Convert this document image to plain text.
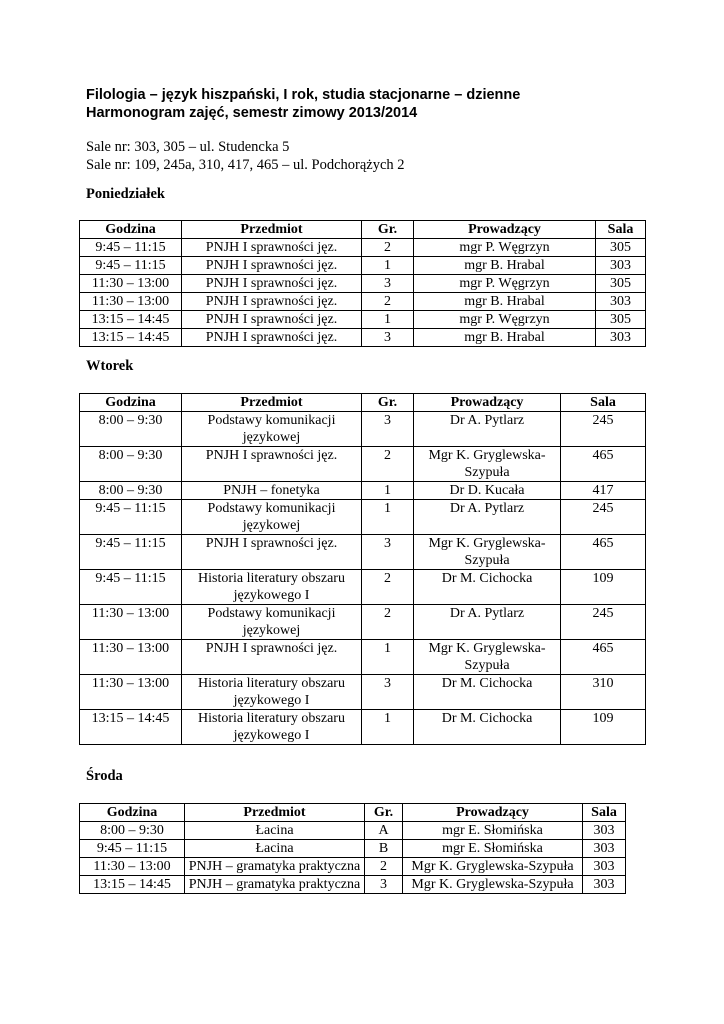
Filologia – język hiszpański, I rok, studia stacjonarne – dzienne
Harmonogram zajęć, semestr zimowy 2013/2014
Sale nr: 303, 305 – ul. Studencka 5
Sale nr: 109, 245a, 310, 417, 465 – ul. Podchorążych 2
Poniedziałek
Godzina	Przedmiot	Gr.	Prowadzący	Sala
9:45 – 11:15	PNJH I sprawności jęz.	2	mgr P. Węgrzyn	305
9:45 – 11:15	PNJH I sprawności jęz.	1	mgr B. Hrabal	303
11:30 – 13:00	PNJH I sprawności jęz.	3	mgr P. Węgrzyn	305
11:30 – 13:00	PNJH I sprawności jęz.	2	mgr B. Hrabal	303
13:15 – 14:45	PNJH I sprawności jęz.	1	mgr P. Węgrzyn	305
13:15 – 14:45	PNJH I sprawności jęz.	3	mgr B. Hrabal	303
Wtorek
Godzina	Przedmiot	Gr.	Prowadzący	Sala
8:00 – 9:30	Podstawy komunikacji językowej	3	Dr A. Pytlarz	245
8:00 – 9:30	PNJH I sprawności jęz.	2	Mgr K. Gryglewska-Szypuła	465
8:00 – 9:30	PNJH – fonetyka	1	Dr D. Kucała	417
9:45 – 11:15	Podstawy komunikacji językowej	1	Dr A. Pytlarz	245
9:45 – 11:15	PNJH I sprawności jęz.	3	Mgr K. Gryglewska-Szypuła	465
9:45 – 11:15	Historia literatury obszaru językowego I	2	Dr M. Cichocka	109
11:30 – 13:00	Podstawy komunikacji językowej	2	Dr A. Pytlarz	245
11:30 – 13:00	PNJH I sprawności jęz.	1	Mgr K. Gryglewska-Szypuła	465
11:30 – 13:00	Historia literatury obszaru językowego I	3	Dr M. Cichocka	310
13:15 – 14:45	Historia literatury obszaru językowego I	1	Dr M. Cichocka	109
Środa
Godzina	Przedmiot	Gr.	Prowadzący	Sala
8:00 – 9:30	Łacina	A	mgr E. Słomińska	303
9:45 – 11:15	Łacina	B	mgr E. Słomińska	303
11:30 – 13:00	PNJH – gramatyka praktyczna	2	Mgr K. Gryglewska-Szypuła	303
13:15 – 14:45	PNJH – gramatyka praktyczna	3	Mgr K. Gryglewska-Szypuła	303
